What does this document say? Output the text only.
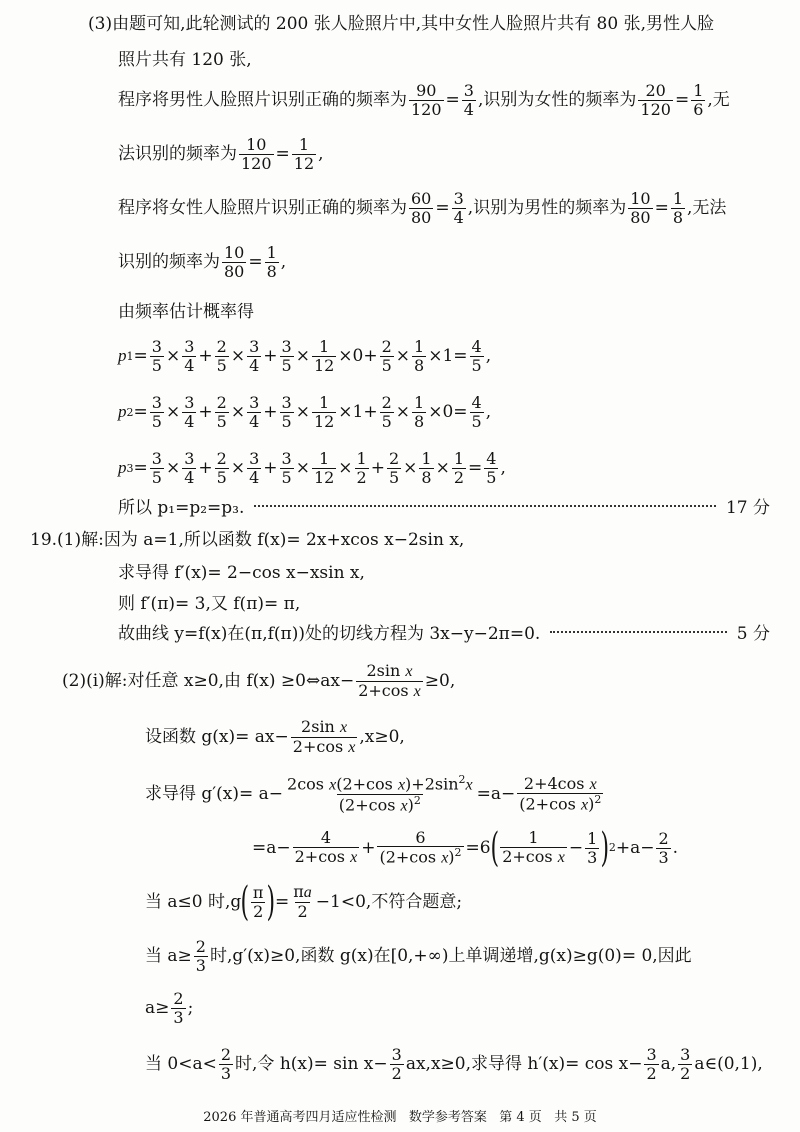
(3)由题可知,此轮测试的 200 张人脸照片中,其中女性人脸照片共有 80 张,男性人脸
照片共有 120 张,
程序将男性人脸照片识别正确的频率为 $\frac{90}{120} = \frac{3}{4}$ ,识别为女性的频率为 $\frac{20}{120} = \frac{1}{6}$ ,无
法识别的频率为 $\frac{10}{120} = \frac{1}{12}$ ,
程序将女性人脸照片识别正确的频率为 $\frac{60}{80} = \frac{3}{4}$ ,识别为男性的频率为 $\frac{10}{80} = \frac{1}{8}$ ,无法
识别的频率为 $\frac{10}{80} = \frac{1}{8}$ ,
由频率估计概率得
p $1 = \frac{3}{5} \times \frac{3}{4} + \frac{2}{5} \times \frac{3}{4} + \frac{3}{5} \times \frac{1}{12} \times 0+ \frac{2}{5} \times \frac{1}{8} \times 1= \frac{4}{5}$ ,
p $2 = \frac{3}{5} \times \frac{3}{4} + \frac{2}{5} \times \frac{3}{4} + \frac{3}{5} \times \frac{1}{12} \times 1+ \frac{2}{5} \times \frac{1}{8} \times 0= \frac{4}{5}$ ,
p $3 = \frac{3}{5} \times \frac{3}{4} + \frac{2}{5} \times \frac{3}{4} + \frac{3}{5} \times \frac{1}{12} \times \frac{1}{2} + \frac{2}{5} \times \frac{1}{8} \times \frac{1}{2} = \frac{4}{5}$ ,
所以 p₁=p₂=p₃.	17 分
19.(1)解:因为 a=1,所以函数 f(x)= 2x+xcos x−2sin x,
求导得 f′(x)= 2−cos x−xsin x,
则 f′(π)= 3,又 f(π)= π,
故曲线 y=f(x)在(π,f(π))处的切线方程为 3x−y−2π=0.	5 分
(2)(i)解:对任意 x≥0,由 f(x) ≥0⇔ax− $\frac{\text{2sin x}}{\text{2+cos x}} \ge 0$,
设函数 $g(x)= ax- \frac{\text{2sin x}}{\text{2+cos x}} ,x\ge 0$,
求导得 $g'(x)= a- \frac{2\cos x(2+\cos x)+2\sin^2x}{(2+\cos x)^2} =a- \frac{\text{2+4cos x}}{(2+\cos x)^2}$
$=a- \frac{4}{\text{2+cos x}} + \frac{6}{(2+\cos x)^2} =6$ ( $\frac{1}{\text{2+cos x}} - \frac{1}{3}$ ) $2 +a- \frac{2}{3}$ .
当 a≤0 时,g ( $\frac{\pi}{2}$ ) = $\frac{\pi a}{2} -1<0$,不符合题意;
当 $a\ge \frac{2}{3}$ 时,g′(x)≥0,函数 g(x)在[0,+∞)上单调递增,g(x)≥g(0)= 0,因此
$a\ge \frac{2}{3}$ ;
当 $0<a< \frac{2}{3}$ 时,令 $h(x)= \sin x- \frac{3}{2} ax,x\ge 0$,求导得 $h'(x)= \cos x- \frac{3}{2} a$, $\frac{3}{2}$ a∈(0,1),
2026 年普通高考四月适应性检测   数学参考答案   第 4 页   共 5 页
